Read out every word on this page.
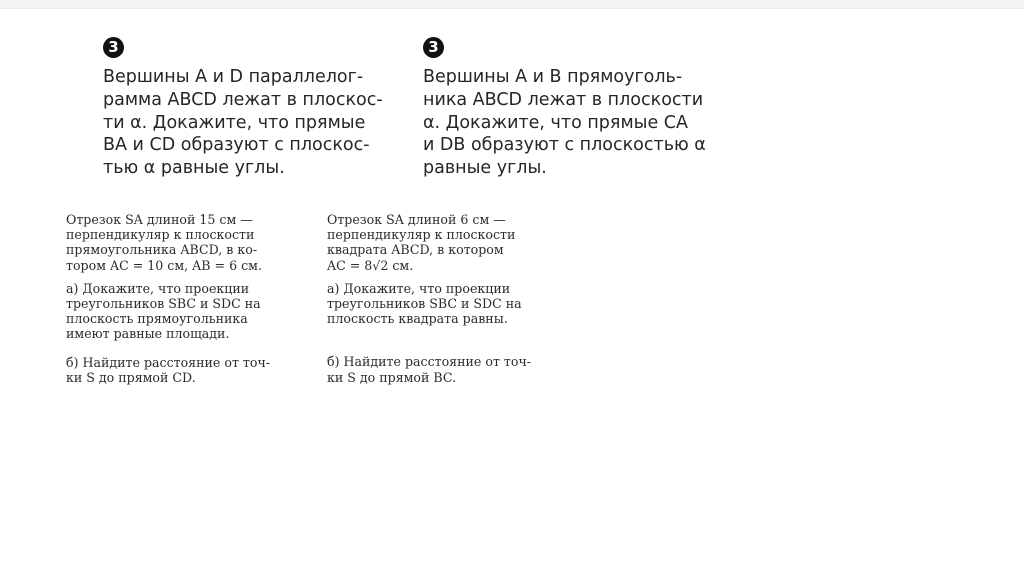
3
Вершины A и D параллелог-
рамма ABCD лежат в плоскос-
ти α. Докажите, что прямые
BA и CD образуют с плоскос-
тью α равные углы.
3
Вершины A и B прямоуголь-
ника ABCD лежат в плоскости
α. Докажите, что прямые CA
и DB образуют с плоскостью α
равные углы.
Отрезок SA длиной 15 см —
перпендикуляр к плоскости
прямоугольника ABCD, в ко-
тором AC = 10 см, AB = 6 см.
а) Докажите, что проекции
треугольников SBC и SDC на
плоскость прямоугольника
имеют равные площади.
б) Найдите расстояние от точ-
ки S до прямой CD.
Отрезок SA длиной 6 см —
перпендикуляр к плоскости
квадрата ABCD, в котором
AC = 8√2 см.
а) Докажите, что проекции
треугольников SBC и SDC на
плоскость квадрата равны.
б) Найдите расстояние от точ-
ки S до прямой BC.
